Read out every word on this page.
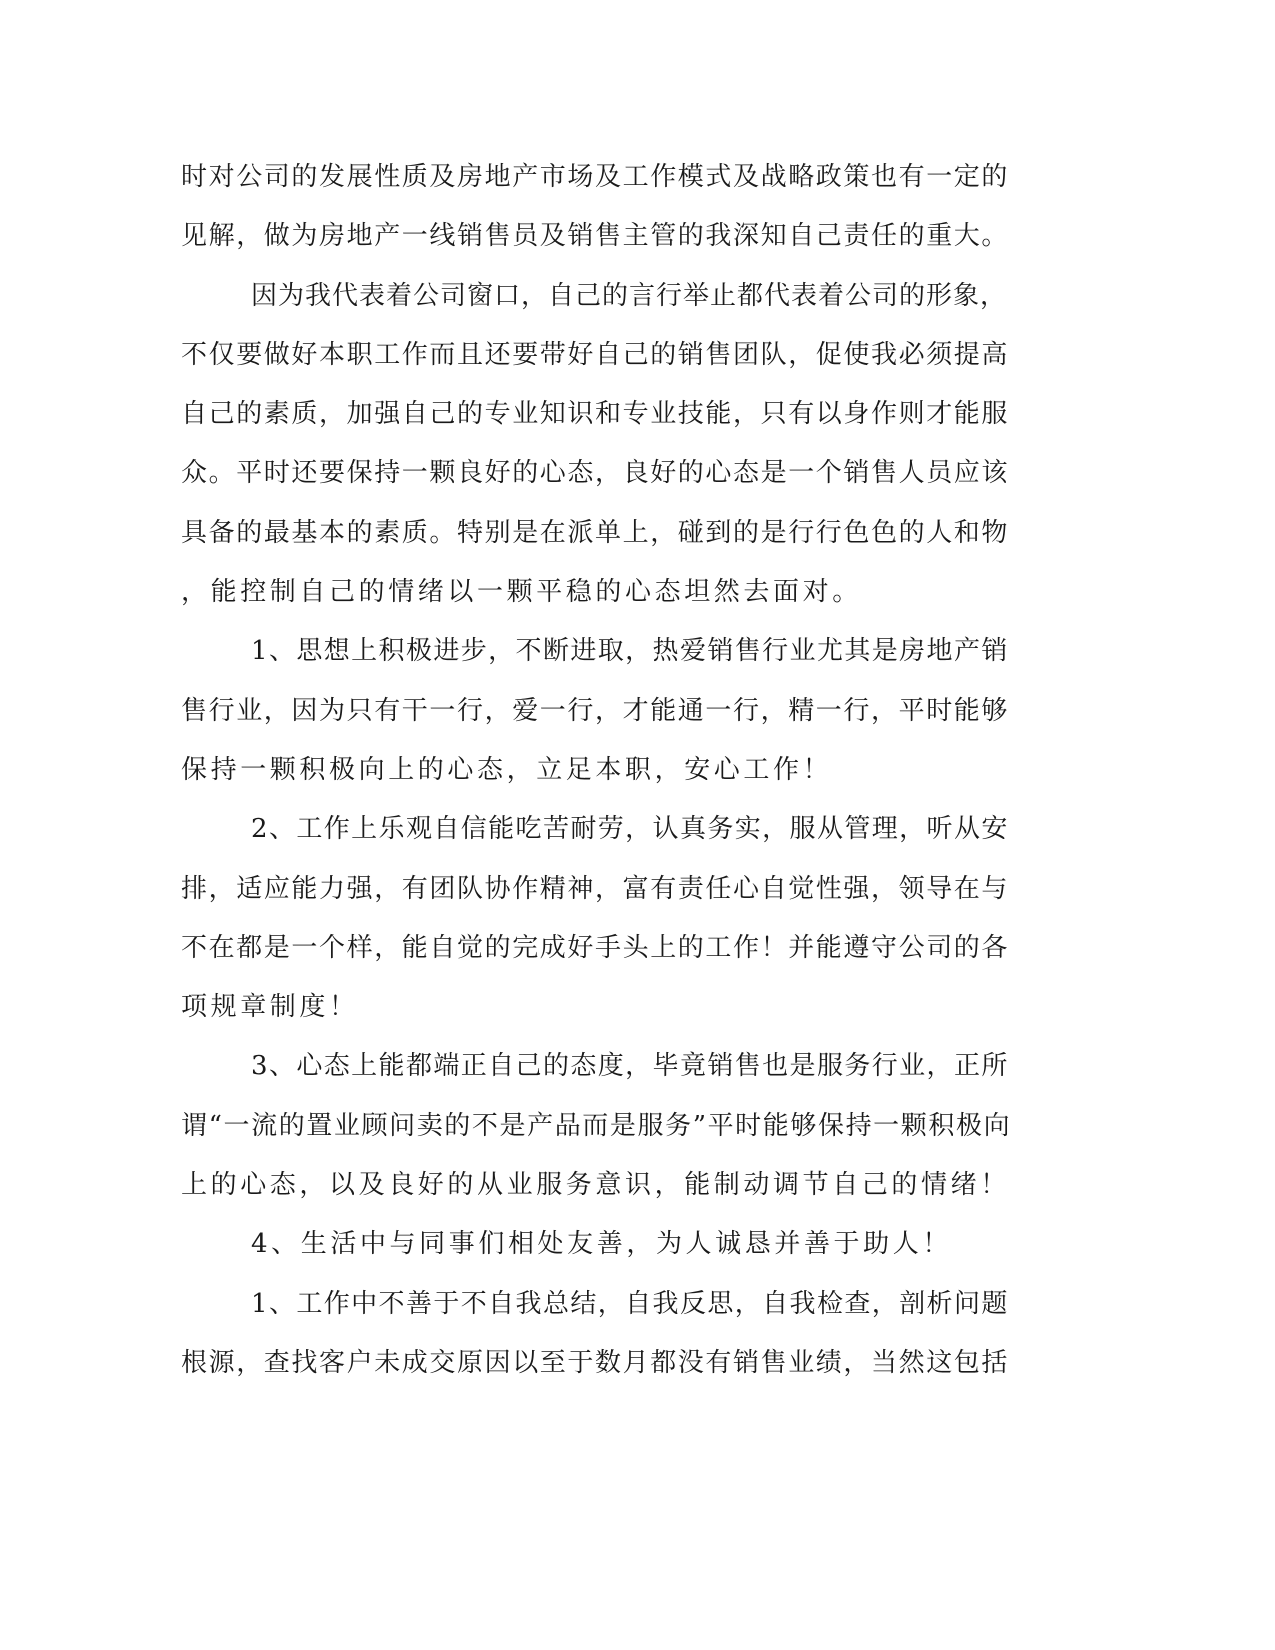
时对公司的发展性质及房地产市场及工作模式及战略政策也有一定的
见解，做为房地产一线销售员及销售主管的我深知自己责任的重大。
因为我代表着公司窗口，自己的言行举止都代表着公司的形象，
不仅要做好本职工作而且还要带好自己的销售团队，促使我必须提高
自己的素质，加强自己的专业知识和专业技能，只有以身作则才能服
众。平时还要保持一颗良好的心态，良好的心态是一个销售人员应该
具备的最基本的素质。特别是在派单上，碰到的是行行色色的人和物
，能控制自己的情绪以一颗平稳的心态坦然去面对。
1、思想上积极进步，不断进取，热爱销售行业尤其是房地产销
售行业，因为只有干一行，爱一行，才能通一行，精一行，平时能够
保持一颗积极向上的心态，立足本职，安心工作！
2、工作上乐观自信能吃苦耐劳，认真务实，服从管理，听从安
排，适应能力强，有团队协作精神，富有责任心自觉性强，领导在与
不在都是一个样，能自觉的完成好手头上的工作！并能遵守公司的各
项规章制度！
3、心态上能都端正自己的态度，毕竟销售也是服务行业，正所
谓“一流的置业顾问卖的不是产品而是服务”平时能够保持一颗积极向
上的心态，以及良好的从业服务意识，能制动调节自己的情绪！
4、生活中与同事们相处友善，为人诚恳并善于助人！
1、工作中不善于不自我总结，自我反思，自我检查，剖析问题
根源，查找客户未成交原因以至于数月都没有销售业绩，当然这包括
